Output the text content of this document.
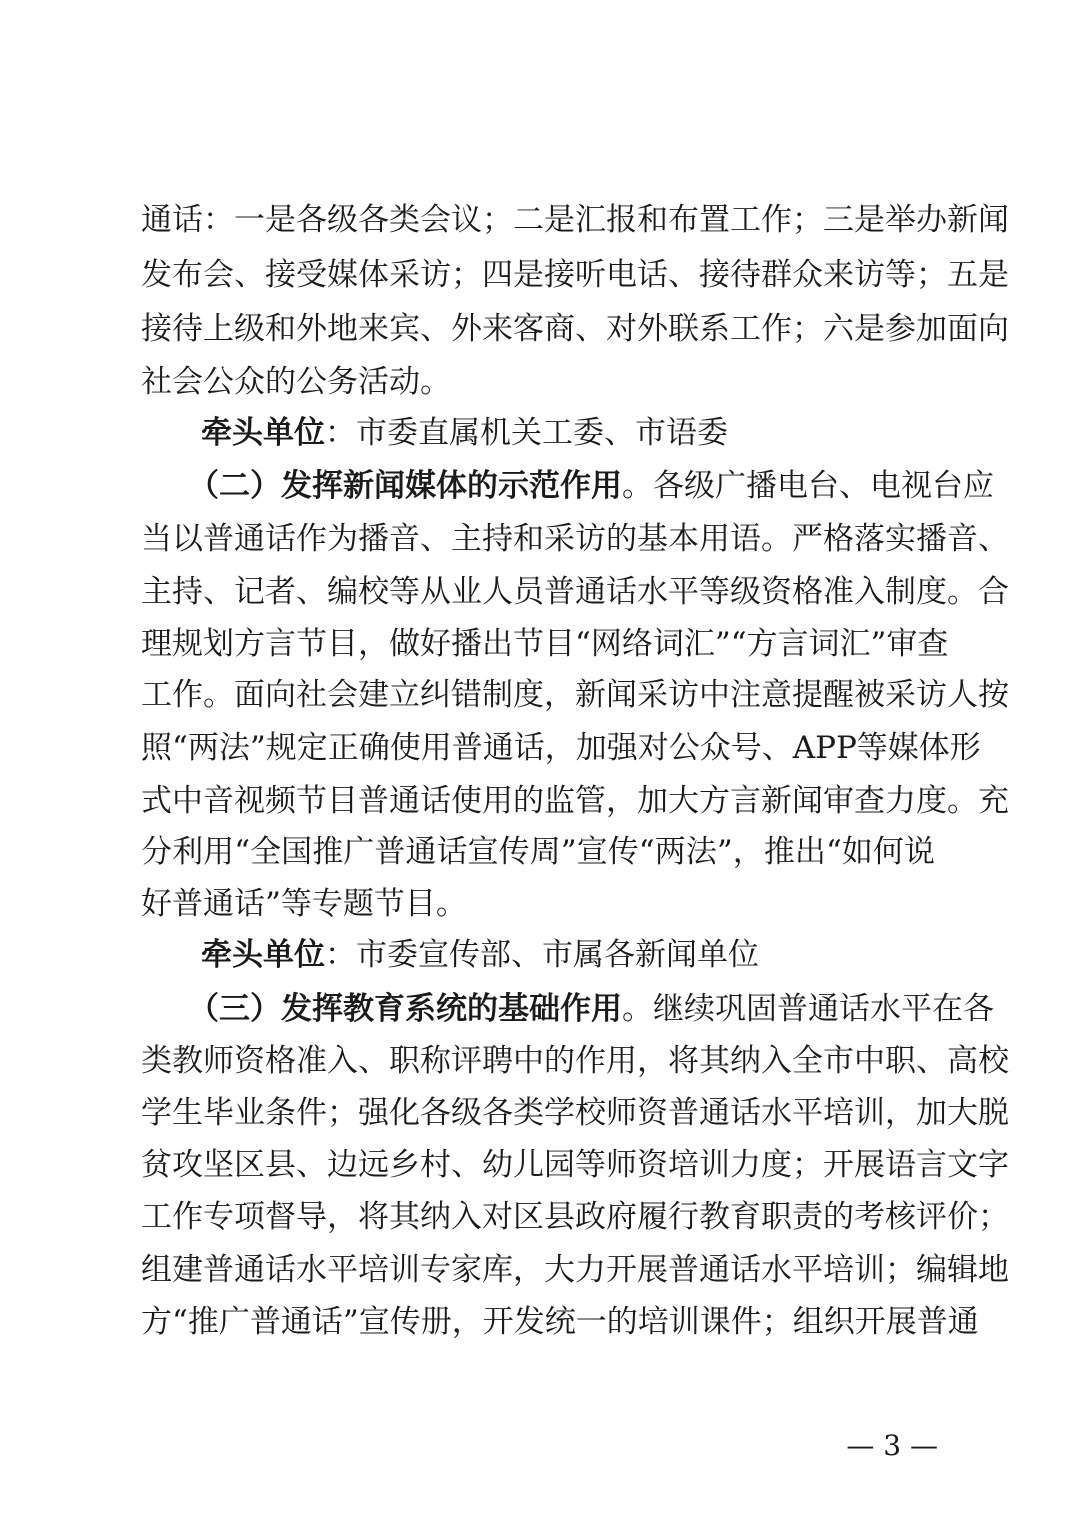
通话：一是各级各类会议；二是汇报和布置工作；三是举办新闻
发布会、接受媒体采访；四是接听电话、接待群众来访等；五是
接待上级和外地来宾、外来客商、对外联系工作；六是参加面向
社会公众的公务活动。
牵头单位：市委直属机关工委、市语委
（二）发挥新闻媒体的示范作用。各级广播电台、电视台应
当以普通话作为播音、主持和采访的基本用语。严格落实播音、
主持、记者、编校等从业人员普通话水平等级资格准入制度。合
理规划方言节目，做好播出节目“网络词汇”“方言词汇”审查
工作。面向社会建立纠错制度，新闻采访中注意提醒被采访人按
照“两法”规定正确使用普通话，加强对公众号、APP等媒体形
式中音视频节目普通话使用的监管，加大方言新闻审查力度。充
分利用“全国推广普通话宣传周”宣传“两法”，推出“如何说
好普通话”等专题节目。
牵头单位：市委宣传部、市属各新闻单位
（三）发挥教育系统的基础作用。继续巩固普通话水平在各
类教师资格准入、职称评聘中的作用，将其纳入全市中职、高校
学生毕业条件；强化各级各类学校师资普通话水平培训，加大脱
贫攻坚区县、边远乡村、幼儿园等师资培训力度；开展语言文字
工作专项督导，将其纳入对区县政府履行教育职责的考核评价；
组建普通话水平培训专家库，大力开展普通话水平培训；编辑地
方“推广普通话”宣传册，开发统一的培训课件；组织开展普通
— 3 —
